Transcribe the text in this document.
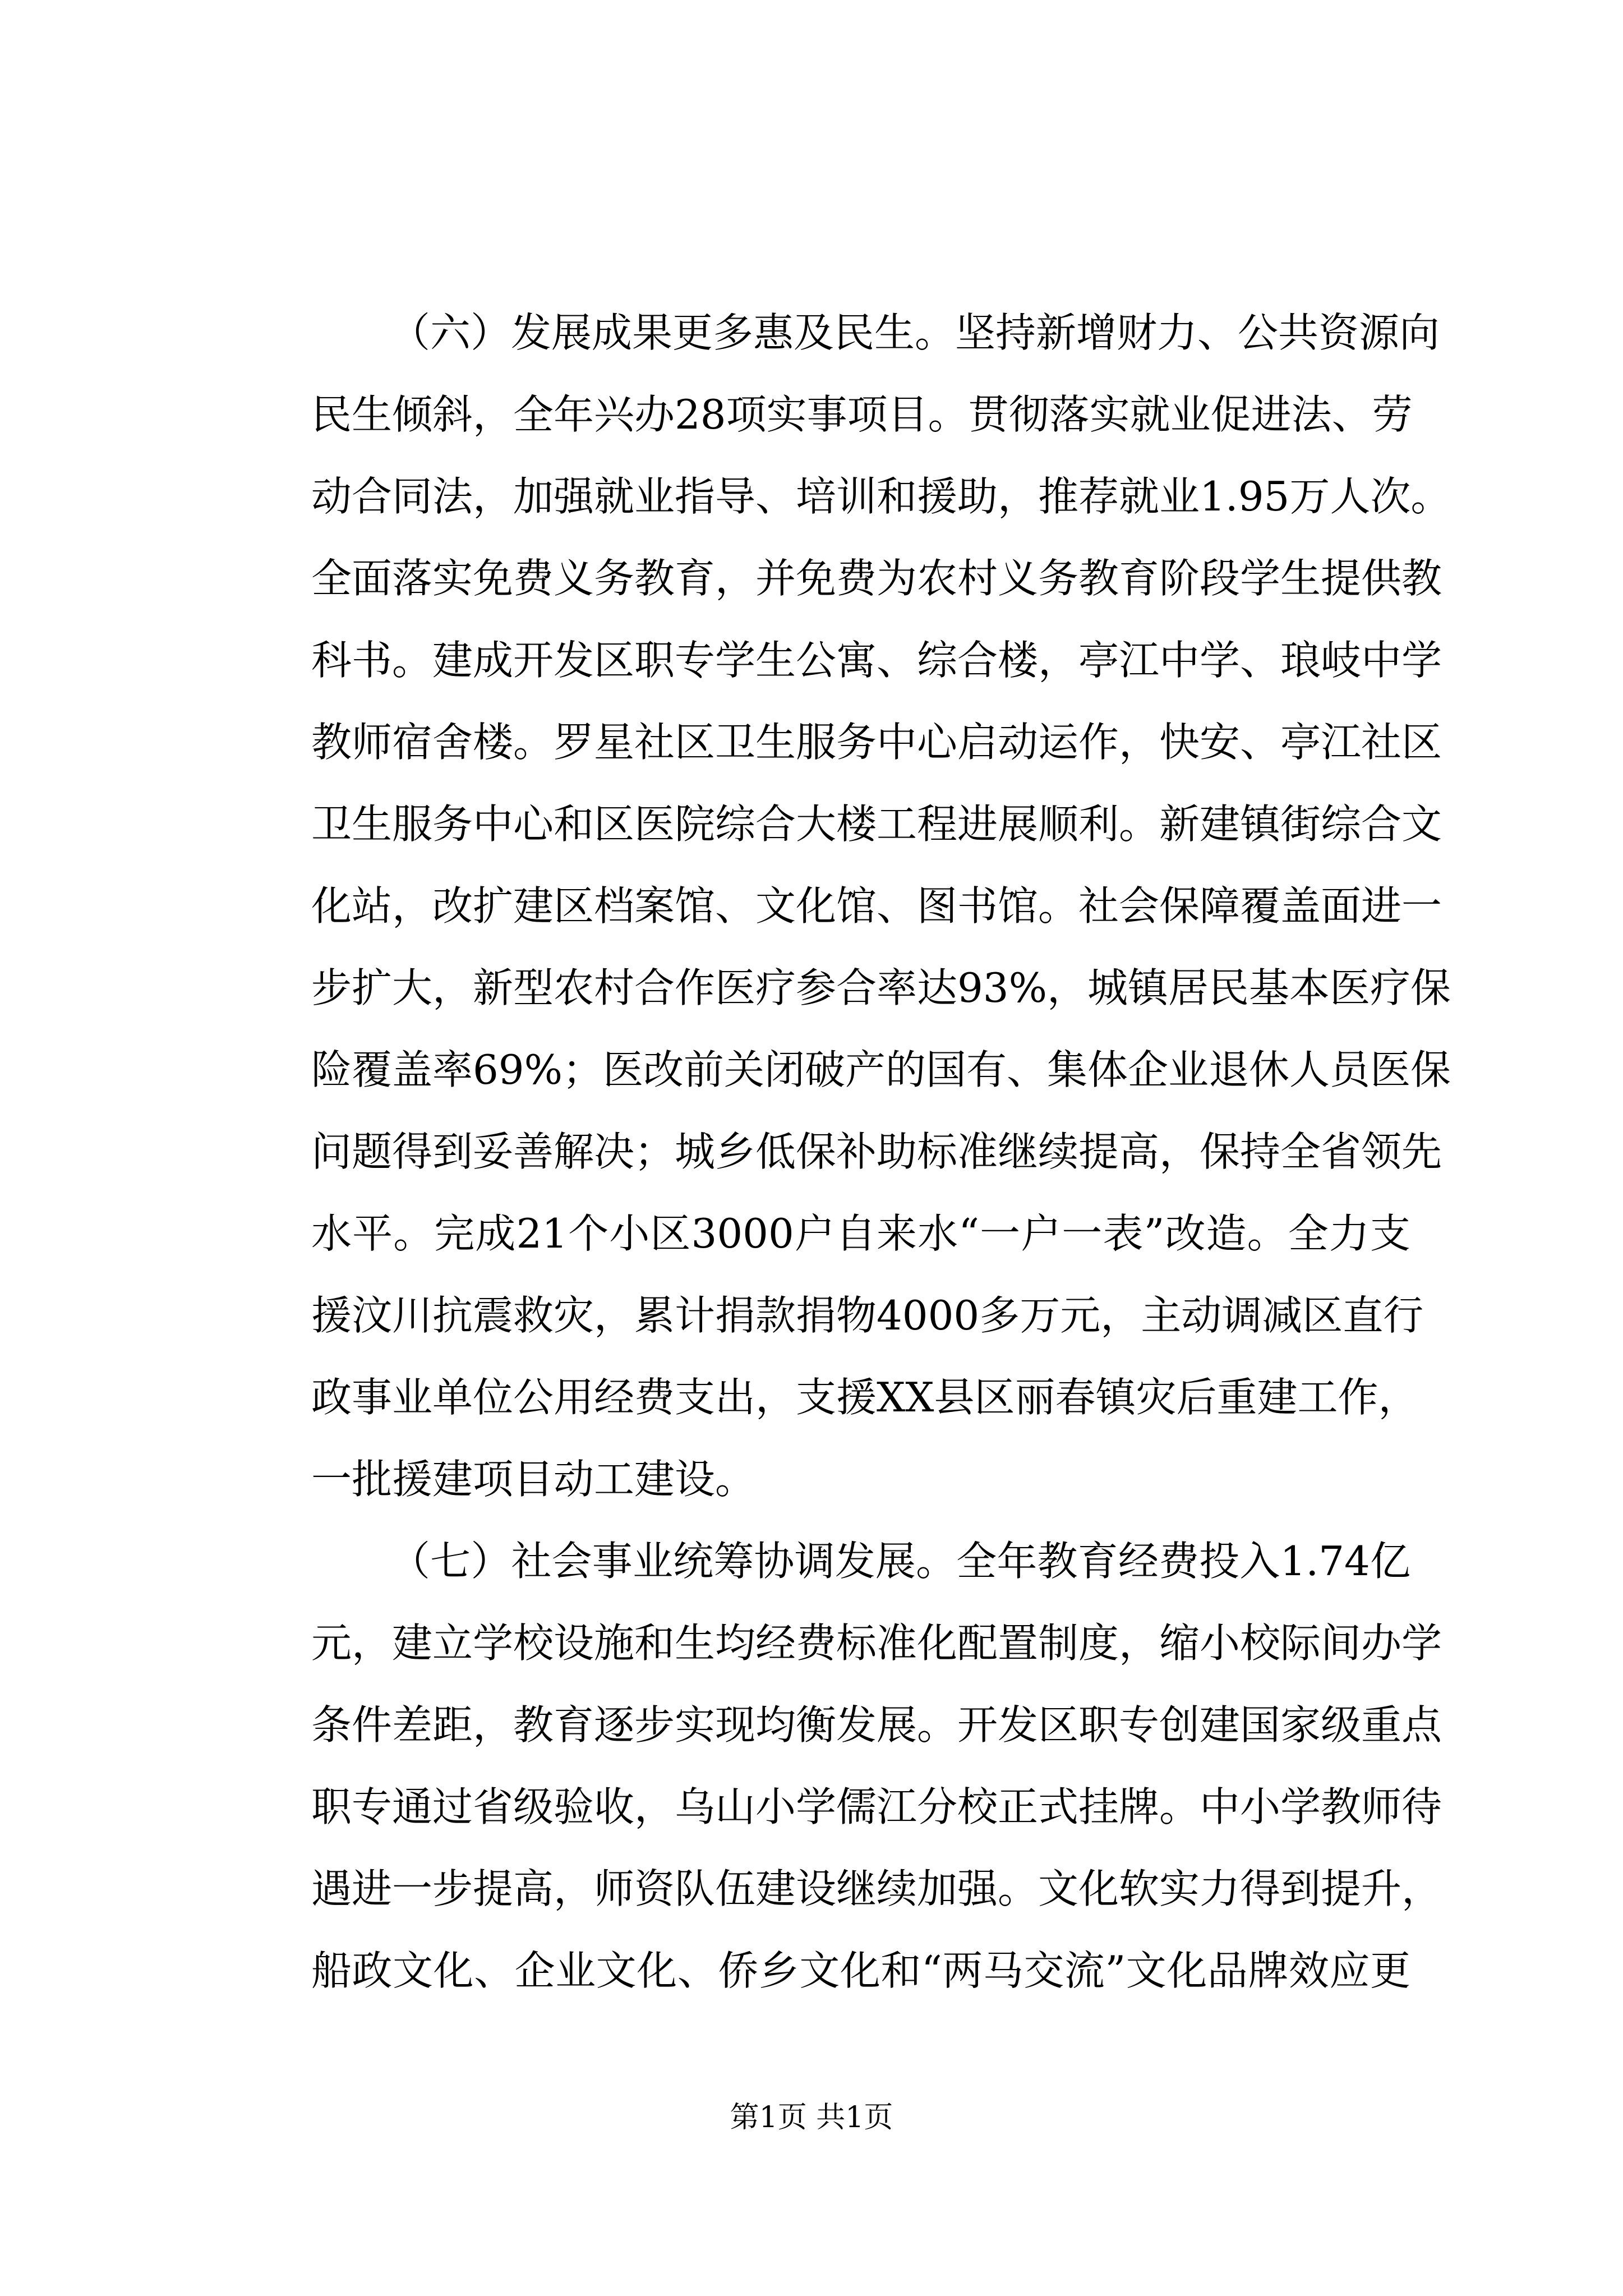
（六）发展成果更多惠及民生。坚持新增财力、公共资源向
民生倾斜，全年兴办28项实事项目。贯彻落实就业促进法、劳
动合同法，加强就业指导、培训和援助，推荐就业1.95万人次。
全面落实免费义务教育，并免费为农村义务教育阶段学生提供教
科书。建成开发区职专学生公寓、综合楼，亭江中学、琅岐中学
教师宿舍楼。罗星社区卫生服务中心启动运作，快安、亭江社区
卫生服务中心和区医院综合大楼工程进展顺利。新建镇街综合文
化站，改扩建区档案馆、文化馆、图书馆。社会保障覆盖面进一
步扩大，新型农村合作医疗参合率达93%，城镇居民基本医疗保
险覆盖率69%；医改前关闭破产的国有、集体企业退休人员医保
问题得到妥善解决；城乡低保补助标准继续提高，保持全省领先
水平。完成21个小区3000户自来水“一户一表”改造。全力支
援汶川抗震救灾，累计捐款捐物4000多万元，主动调减区直行
政事业单位公用经费支出，支援XX县区丽春镇灾后重建工作，
一批援建项目动工建设。
（七）社会事业统筹协调发展。全年教育经费投入1.74亿
元，建立学校设施和生均经费标准化配置制度，缩小校际间办学
条件差距，教育逐步实现均衡发展。开发区职专创建国家级重点
职专通过省级验收，乌山小学儒江分校正式挂牌。中小学教师待
遇进一步提高，师资队伍建设继续加强。文化软实力得到提升，
船政文化、企业文化、侨乡文化和“两马交流”文化品牌效应更
第1页 共1页
